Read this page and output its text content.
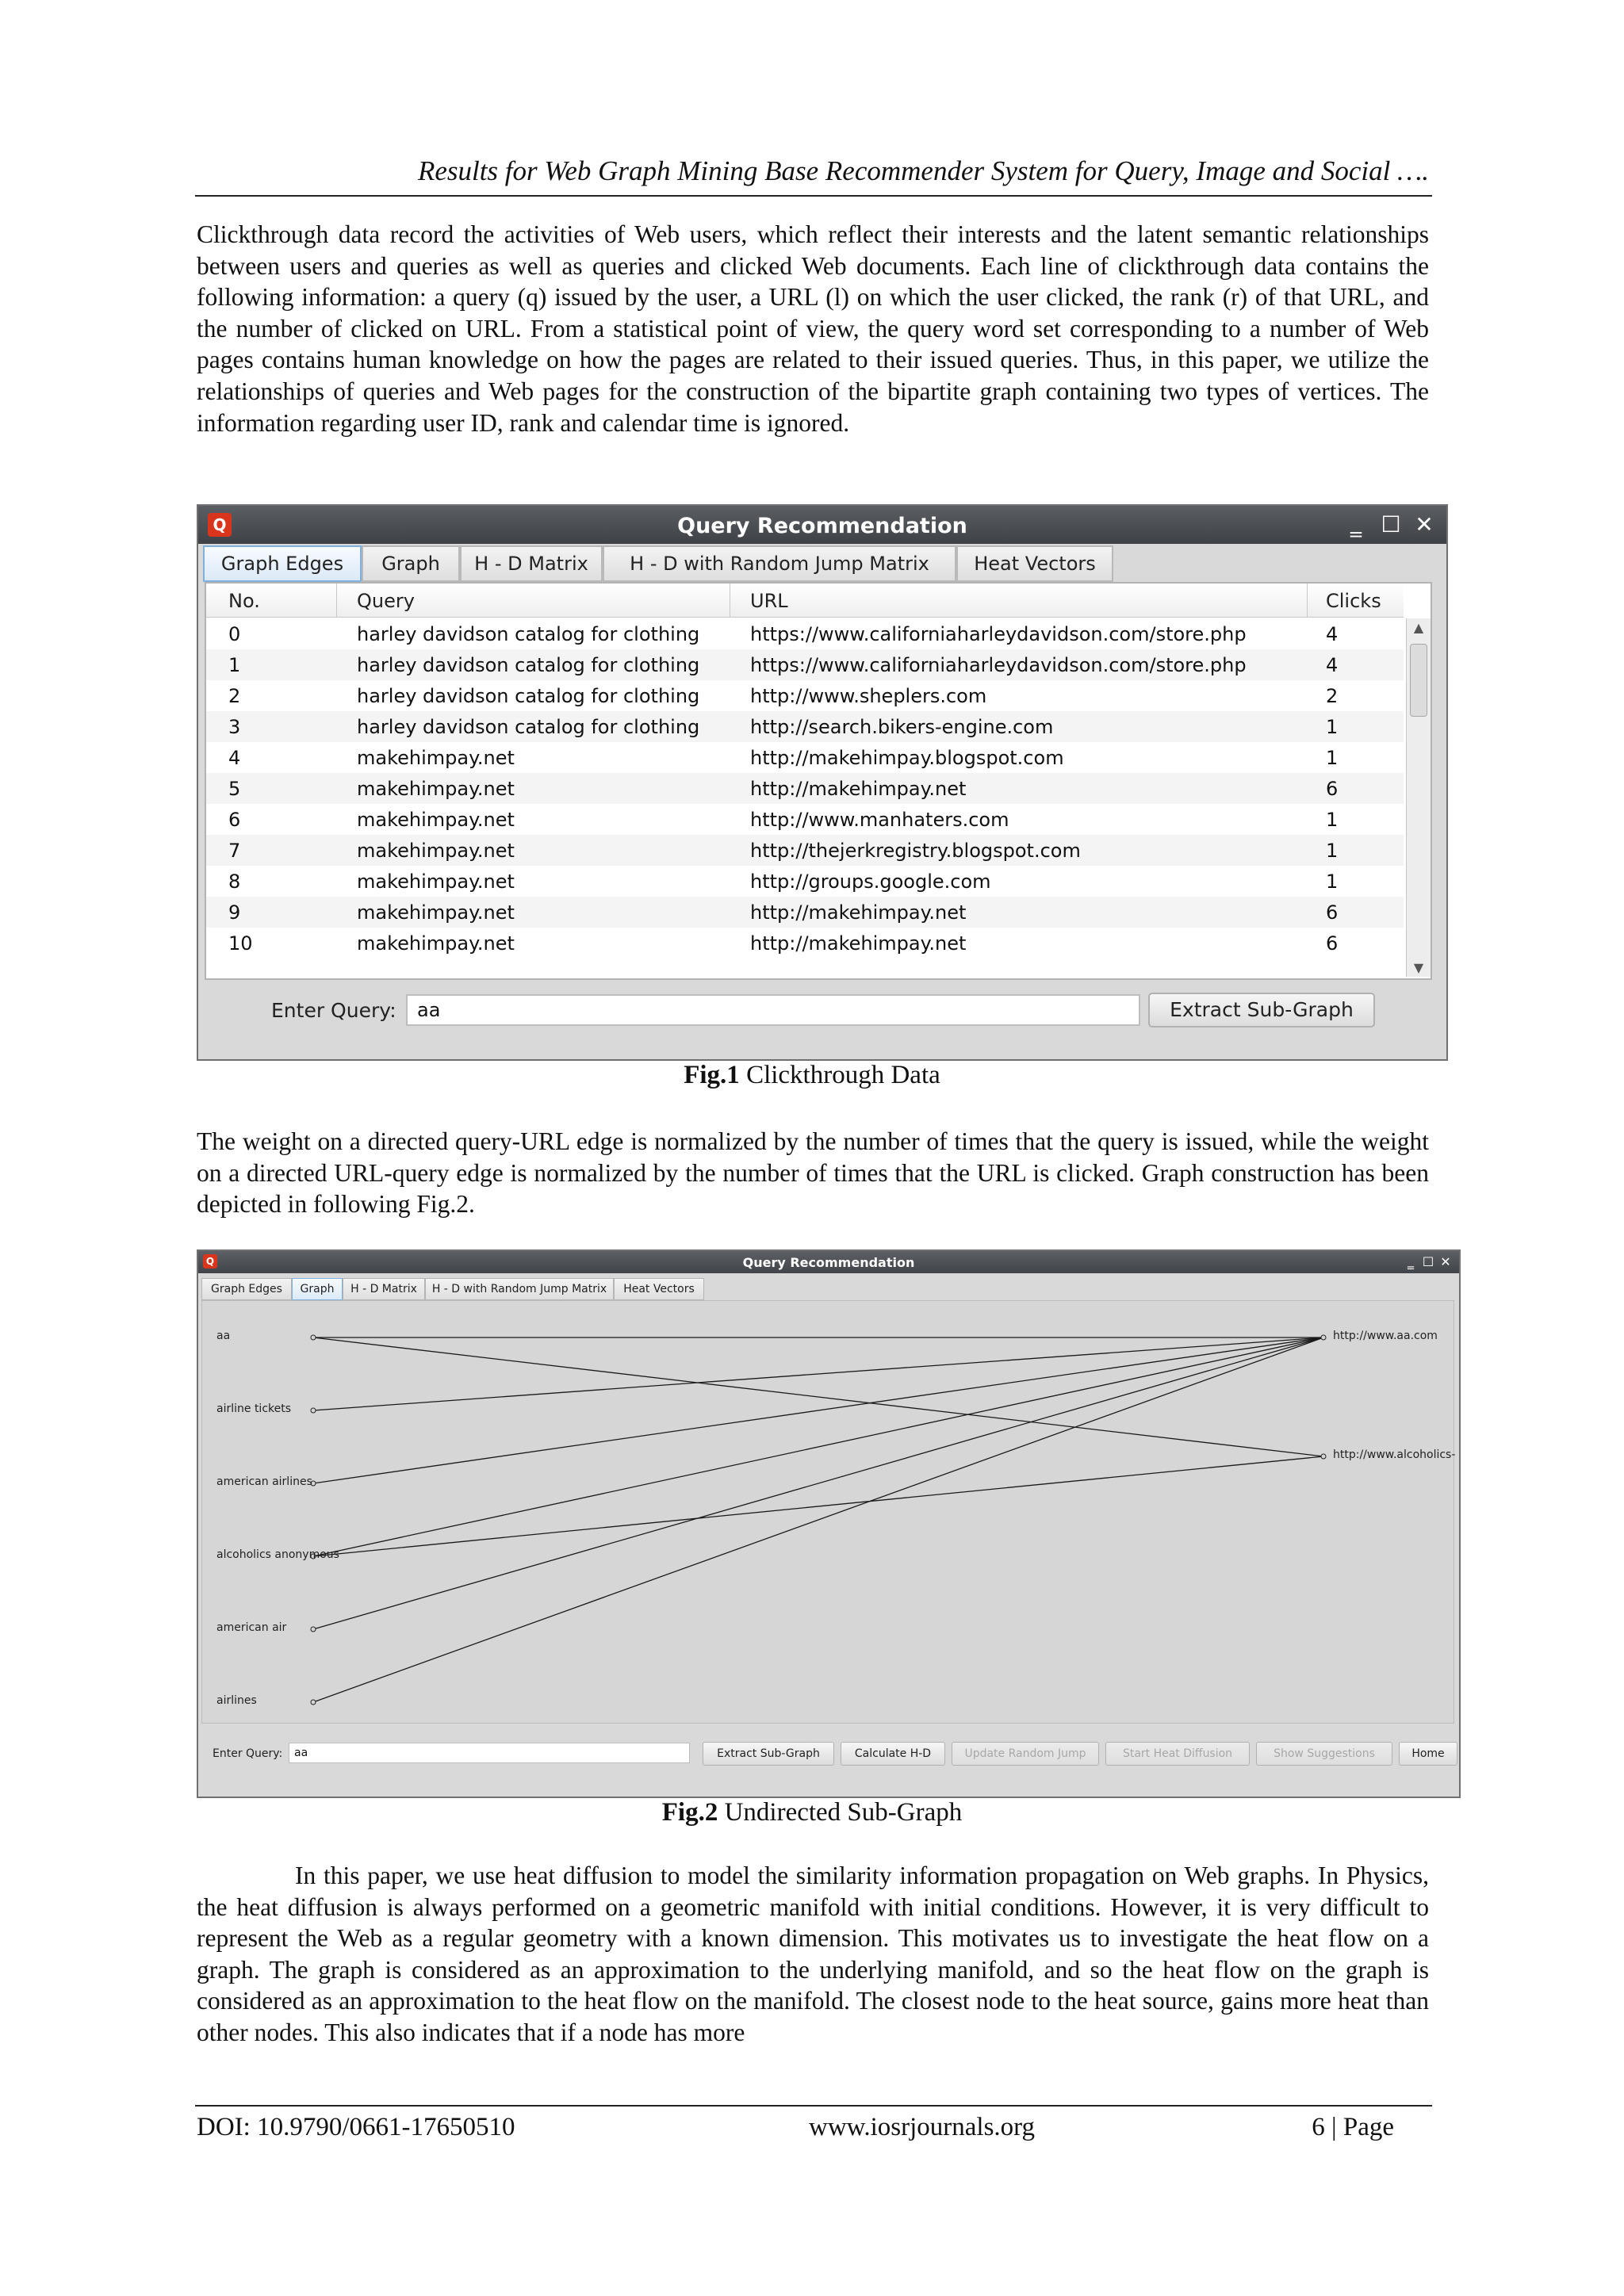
Results for Web Graph Mining Base Recommender System for Query, Image and Social ….

Clickthrough data record the activities of Web users, which reflect their interests and the latent semantic relationships between users and queries as well as queries and clicked Web documents. Each line of clickthrough data contains the following information: a query (q) issued by the user, a URL (l) on which the user clicked, the rank (r) of that URL, and the number of clicked on URL. From a statistical point of view, the query word set corresponding to a number of Web pages contains human knowledge on how the pages are related to their issued queries. Thus, in this paper, we utilize the relationships of queries and Web pages for the construction of the bipartite graph containing two types of vertices. The information regarding user ID, rank and calendar time is ignored.

Q	Query Recommendation	‗ ☐ ✕
Graph Edges	Graph	H - D Matrix	H - D with Random Jump Matrix	Heat Vectors
No.	Query	URL	Clicks
0	harley davidson catalog for clothing	https://www.californiaharleydavidson.com/store.php	4
1	harley davidson catalog for clothing	https://www.californiaharleydavidson.com/store.php	4
2	harley davidson catalog for clothing	http://www.sheplers.com	2
3	harley davidson catalog for clothing	http://search.bikers-engine.com	1
4	makehimpay.net	http://makehimpay.blogspot.com	1
5	makehimpay.net	http://makehimpay.net	6
6	makehimpay.net	http://www.manhaters.com	1
7	makehimpay.net	http://thejerkregistry.blogspot.com	1
8	makehimpay.net	http://groups.google.com	1
9	makehimpay.net	http://makehimpay.net	6
10	makehimpay.net	http://makehimpay.net	6
▲
▼
Enter Query:	aa	Extract Sub-Graph
Fig.1 Clickthrough Data

The weight on a directed query-URL edge is normalized by the number of times that the query is issued, while the weight on a directed URL-query edge is normalized by the number of times that the URL is clicked. Graph construction has been depicted in following Fig.2.

Q	Query Recommendation	‗ ☐ ✕
Graph Edges	Graph	H - D Matrix	H - D with Random Jump Matrix	Heat Vectors
aa
airline tickets
american airlines
alcoholics anonymous
american air
airlines
http://www.aa.com
http://www.alcoholics-
Enter Query:	aa	Extract Sub-Graph	Calculate H-D	Update Random Jump	Start Heat Diffusion	Show Suggestions	Home
Fig.2 Undirected Sub-Graph

In this paper, we use heat diffusion to model the similarity information propagation on Web graphs. In Physics, the heat diffusion is always performed on a geometric manifold with initial conditions. However, it is very difficult to represent the Web as a regular geometry with a known dimension. This motivates us to investigate the heat flow on a graph. The graph is considered as an approximation to the underlying manifold, and so the heat flow on the graph is considered as an approximation to the heat flow on the manifold. The closest node to the heat source, gains more heat than other nodes. This also indicates that if a node has more

DOI: 10.9790/0661-17650510	www.iosrjournals.org	6 | Page
